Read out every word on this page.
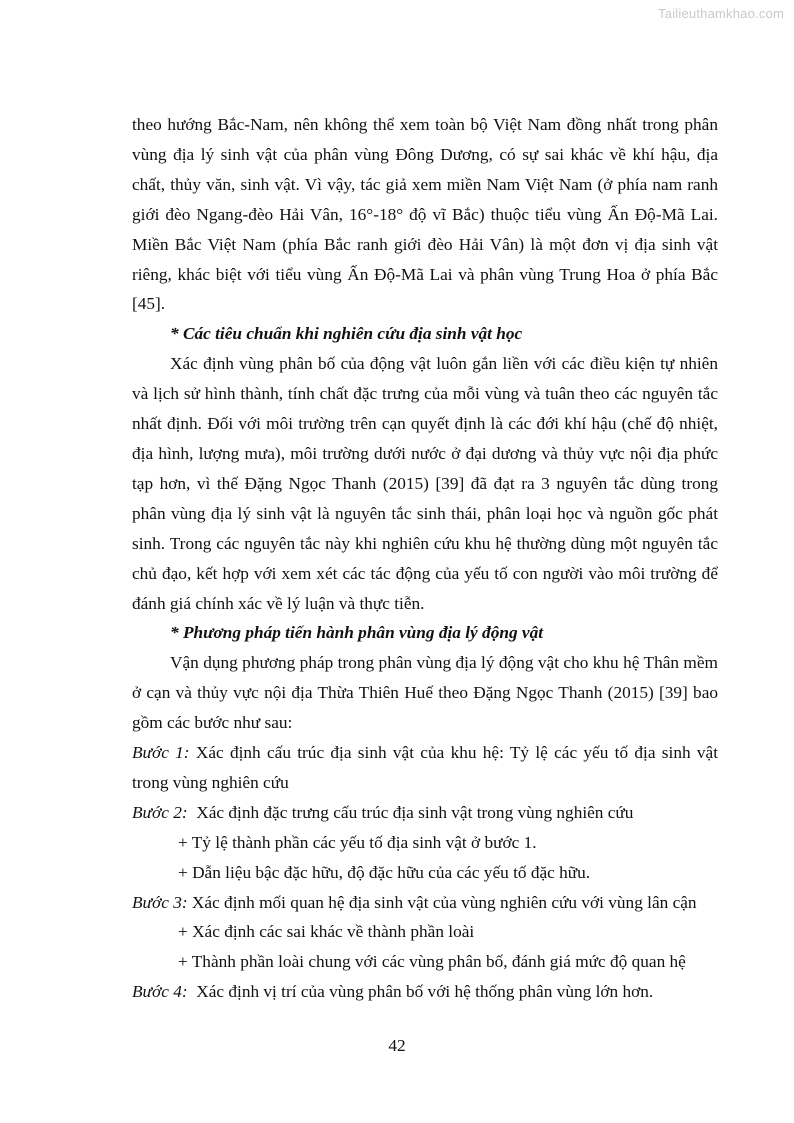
Tailieuthamkhao.com

theo hướng Bắc-Nam, nên không thể xem toàn bộ Việt Nam đồng nhất trong phân vùng địa lý sinh vật của phân vùng Đông Dương, có sự sai khác về khí hậu, địa chất, thủy văn, sinh vật. Vì vậy, tác giả xem miền Nam Việt Nam (ở phía nam ranh giới đèo Ngang-đèo Hải Vân, 16°-18° độ vĩ Bắc) thuộc tiểu vùng Ấn Độ-Mã Lai. Miền Bắc Việt Nam (phía Bắc ranh giới đèo Hải Vân) là một đơn vị địa sinh vật riêng, khác biệt với tiểu vùng Ấn Độ-Mã Lai và phân vùng Trung Hoa ở phía Bắc [45].

* Các tiêu chuẩn khi nghiên cứu địa sinh vật học

Xác định vùng phân bố của động vật luôn gắn liền với các điều kiện tự nhiên và lịch sử hình thành, tính chất đặc trưng của mỗi vùng và tuân theo các nguyên tắc nhất định. Đối với môi trường trên cạn quyết định là các đới khí hậu (chế độ nhiệt, địa hình, lượng mưa), môi trường dưới nước ở đại dương và thủy vực nội địa phức tạp hơn, vì thế Đặng Ngọc Thanh (2015) [39] đã đạt ra 3 nguyên tắc dùng trong phân vùng địa lý sinh vật là nguyên tắc sinh thái, phân loại học và nguồn gốc phát sinh. Trong các nguyên tắc này khi nghiên cứu khu hệ thường dùng một nguyên tắc chủ đạo, kết hợp với xem xét các tác động của yếu tố con người vào môi trường để đánh giá chính xác về lý luận và thực tiễn.

* Phương pháp tiến hành phân vùng địa lý động vật

Vận dụng phương pháp trong phân vùng địa lý động vật cho khu hệ Thân mềm ở cạn và thủy vực nội địa Thừa Thiên Huế theo Đặng Ngọc Thanh (2015) [39] bao gồm các bước như sau:

Bước 1: Xác định cấu trúc địa sinh vật của khu hệ: Tỷ lệ các yếu tố địa sinh vật trong vùng nghiên cứu

Bước 2:  Xác định đặc trưng cấu trúc địa sinh vật trong vùng nghiên cứu

+ Tỷ lệ thành phần các yếu tố địa sinh vật ở bước 1.

+ Dẫn liệu bậc đặc hữu, độ đặc hữu của các yếu tố đặc hữu.

Bước 3: Xác định mối quan hệ địa sinh vật của vùng nghiên cứu với vùng lân cận

+ Xác định các sai khác về thành phần loài

+ Thành phần loài chung với các vùng phân bố, đánh giá mức độ quan hệ

Bước 4:  Xác định vị trí của vùng phân bố với hệ thống phân vùng lớn hơn.

42
